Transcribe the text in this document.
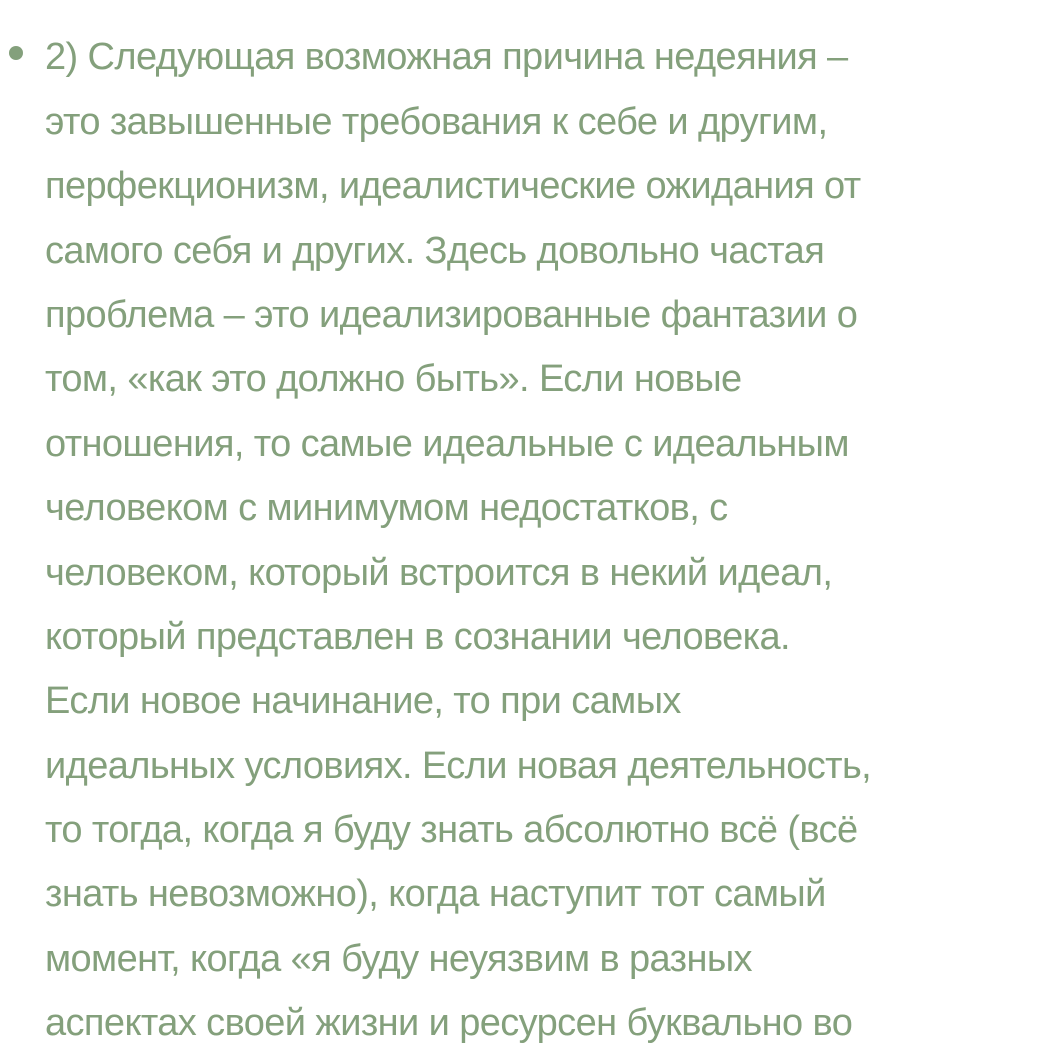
2) Следующая возможная причина недеяния –
это завышенные требования к себе и другим,
перфекционизм, идеалистические ожидания от
самого себя и других. Здесь довольно частая
проблема – это идеализированные фантазии о
том, «как это должно быть». Если новые
отношения, то самые идеальные с идеальным
человеком с минимумом недостатков, с
человеком, который встроится в некий идеал,
который представлен в сознании человека.
Если новое начинание, то при самых
идеальных условиях. Если новая деятельность,
то тогда, когда я буду знать абсолютно всё (всё
знать невозможно), когда наступит тот самый
момент, когда «я буду неуязвим в разных
аспектах своей жизни и ресурсен буквально во
